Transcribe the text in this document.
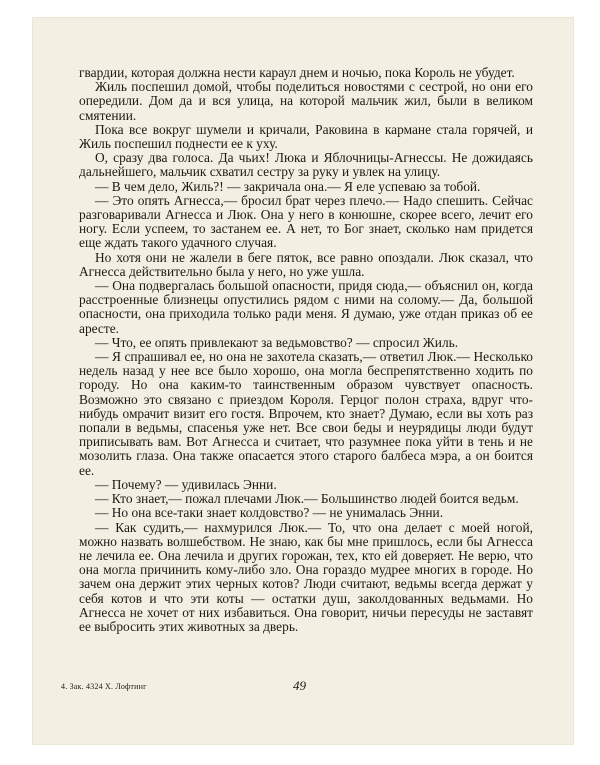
гвардии, которая должна нести караул днем и ночью, пока Король не убудет.

Жиль поспешил домой, чтобы поделиться новостями с сестрой, но они его опередили. Дом да и вся улица, на которой мальчик жил, были в великом смятении.

Пока все вокруг шумели и кричали, Раковина в кармане стала горячей, и Жиль поспешил поднести ее к уху.

О, сразу два голоса. Да чьих! Люка и Яблочницы-Агнессы. Не дожидаясь дальнейшего, мальчик схватил сестру за руку и увлек на улицу.

— В чем дело, Жиль?! — закричала она.— Я еле успеваю за тобой.

— Это опять Агнесса,— бросил брат через плечо.— Надо спешить. Сейчас разговаривали Агнесса и Люк. Она у него в конюшне, скорее всего, лечит его ногу. Если успеем, то застанем ее. А нет, то Бог знает, сколько нам придется еще ждать такого удачного случая.

Но хотя они не жалели в беге пяток, все равно опоздали. Люк сказал, что Агнесса действительно была у него, но уже ушла.

— Она подвергалась большой опасности, придя сюда,— объяснил он, когда расстроенные близнецы опустились рядом с ними на солому.— Да, большой опасности, она приходила только ради меня. Я думаю, уже отдан приказ об ее аресте.

— Что, ее опять привлекают за ведьмовство? — спросил Жиль.

— Я спрашивал ее, но она не захотела сказать,— ответил Люк.— Несколько недель назад у нее все было хорошо, она могла беспрепятственно ходить по городу. Но она каким-то таинственным образом чувствует опасность. Возможно это связано с приездом Короля. Герцог полон страха, вдруг что-нибудь омрачит визит его гостя. Впрочем, кто знает? Думаю, если вы хоть раз попали в ведьмы, спасенья уже нет. Все свои беды и неурядицы люди будут приписывать вам. Вот Агнесса и считает, что разумнее пока уйти в тень и не мозолить глаза. Она также опасается этого старого балбеса мэра, а он боится ее.

— Почему? — удивилась Энни.

— Кто знает,— пожал плечами Люк.— Большинство людей боится ведьм.

— Но она все-таки знает колдовство? — не унималась Энни.

— Как судить,— нахмурился Люк.— То, что она делает с моей ногой, можно назвать волшебством. Не знаю, как бы мне пришлось, если бы Агнесса не лечила ее. Она лечила и других горожан, тех, кто ей доверяет. Не верю, что она могла причинить кому-либо зло. Она гораздо мудрее многих в городе. Но зачем она держит этих черных котов? Люди считают, ведьмы всегда держат у себя котов и что эти коты — остатки душ, заколдованных ведьмами. Но Агнесса не хочет от них избавиться. Она говорит, ничьи пересуды не заставят ее выбросить этих животных за дверь.

4. Зак. 4324 Х. Лофтинг	49
